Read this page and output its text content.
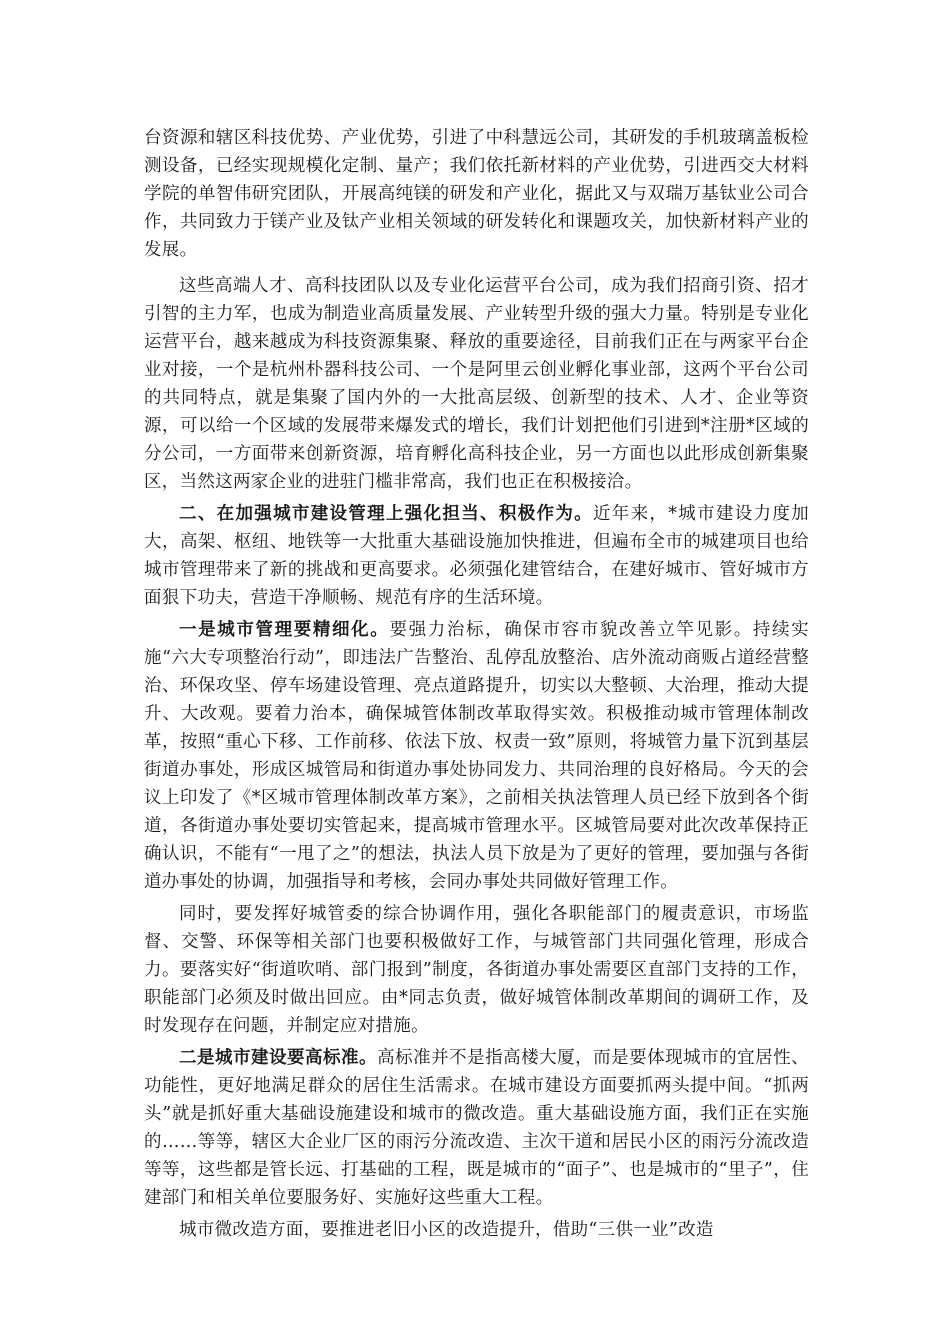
台资源和辖区科技优势、产业优势，引进了中科慧远公司，其研发的手机玻璃盖板检测设备，已经实现规模化定制、量产；我们依托新材料的产业优势，引进西交大材料学院的单智伟研究团队，开展高纯镁的研发和产业化，据此又与双瑞万基钛业公司合作，共同致力于镁产业及钛产业相关领域的研发转化和课题攻关，加快新材料产业的发展。

这些高端人才、高科技团队以及专业化运营平台公司，成为我们招商引资、招才引智的主力军，也成为制造业高质量发展、产业转型升级的强大力量。特别是专业化运营平台，越来越成为科技资源集聚、释放的重要途径，目前我们正在与两家平台企业对接，一个是杭州朴器科技公司、一个是阿里云创业孵化事业部，这两个平台公司的共同特点，就是集聚了国内外的一大批高层级、创新型的技术、人才、企业等资源，可以给一个区域的发展带来爆发式的增长，我们计划把他们引进到*注册*区域的分公司，一方面带来创新资源，培育孵化高科技企业，另一方面也以此形成创新集聚区，当然这两家企业的进驻门槛非常高，我们也正在积极接洽。

二、在加强城市建设管理上强化担当、积极作为。近年来，*城市建设力度加大，高架、枢纽、地铁等一大批重大基础设施加快推进，但遍布全市的城建项目也给城市管理带来了新的挑战和更高要求。必须强化建管结合，在建好城市、管好城市方面狠下功夫，营造干净顺畅、规范有序的生活环境。

一是城市管理要精细化。要强力治标，确保市容市貌改善立竿见影。持续实施“六大专项整治行动”，即违法广告整治、乱停乱放整治、店外流动商贩占道经营整治、环保攻坚、停车场建设管理、亮点道路提升，切实以大整顿、大治理，推动大提升、大改观。要着力治本，确保城管体制改革取得实效。积极推动城市管理体制改革，按照“重心下移、工作前移、依法下放、权责一致”原则，将城管力量下沉到基层街道办事处，形成区城管局和街道办事处协同发力、共同治理的良好格局。今天的会议上印发了《*区城市管理体制改革方案》，之前相关执法管理人员已经下放到各个街道，各街道办事处要切实管起来，提高城市管理水平。区城管局要对此次改革保持正确认识，不能有“一甩了之”的想法，执法人员下放是为了更好的管理，要加强与各街道办事处的协调，加强指导和考核，会同办事处共同做好管理工作。

同时，要发挥好城管委的综合协调作用，强化各职能部门的履责意识，市场监督、交警、环保等相关部门也要积极做好工作，与城管部门共同强化管理，形成合力。要落实好“街道吹哨、部门报到”制度，各街道办事处需要区直部门支持的工作，职能部门必须及时做出回应。由*同志负责，做好城管体制改革期间的调研工作，及时发现存在问题，并制定应对措施。

二是城市建设要高标准。高标准并不是指高楼大厦，而是要体现城市的宜居性、功能性，更好地满足群众的居住生活需求。在城市建设方面要抓两头提中间。“抓两头”就是抓好重大基础设施建设和城市的微改造。重大基础设施方面，我们正在实施的……等等，辖区大企业厂区的雨污分流改造、主次干道和居民小区的雨污分流改造等等，这些都是管长远、打基础的工程，既是城市的“面子”、也是城市的“里子”，住建部门和相关单位要服务好、实施好这些重大工程。

城市微改造方面，要推进老旧小区的改造提升，借助“三供一业”改造
